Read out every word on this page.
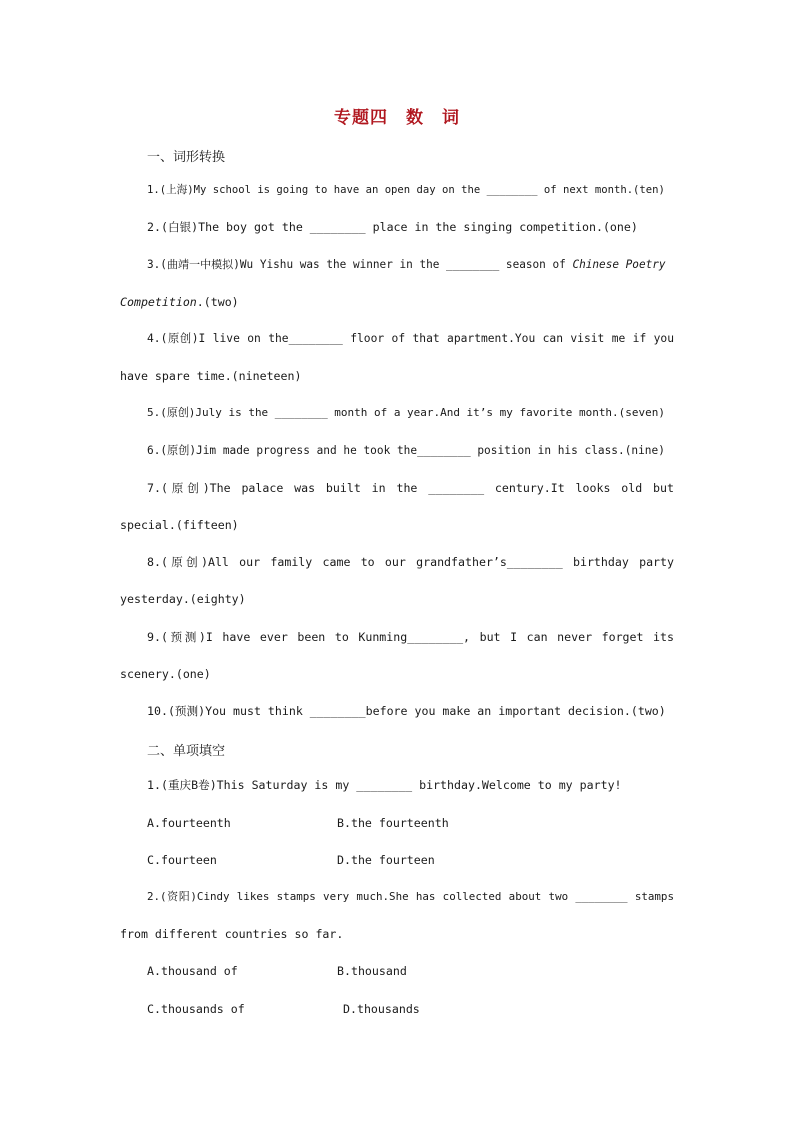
专题四　数　词
一、词形转换
1.(上海)My school is going to have an open day on the ________ of next month.(ten)
2.(白银)The boy got the ________ place in the singing competition.(one)
3.(曲靖一中模拟)Wu Yishu was the winner in the ________ season of Chinese Poetry
Competition.(two)
4.(原创)I live on the________ floor of that apartment.You can visit me if you
have spare time.(nineteen)
5.(原创)July is the ________ month of a year.And it’s my favorite month.(seven)
6.(原创)Jim made progress and he took the________ position in his class.(nine)
7.(原创)The palace was built in the ________ century.It looks old but
special.(fifteen)
8.(原创)All our family came to our grandfather’s________ birthday party
yesterday.(eighty)
9.(预测)I have ever been to Kunming________, but I can never forget its
scenery.(one)
10.(预测)You must think ________before you make an important decision.(two)
二、单项填空
1.(重庆B卷)This Saturday is my ________ birthday.Welcome to my party!
A.fourteenth	B.the fourteenth
C.fourteen	D.the fourteen
2.(资阳)Cindy likes stamps very much.She has collected about two ________ stamps
from different countries so far.
A.thousand of	B.thousand
C.thousands of	D.thousands
